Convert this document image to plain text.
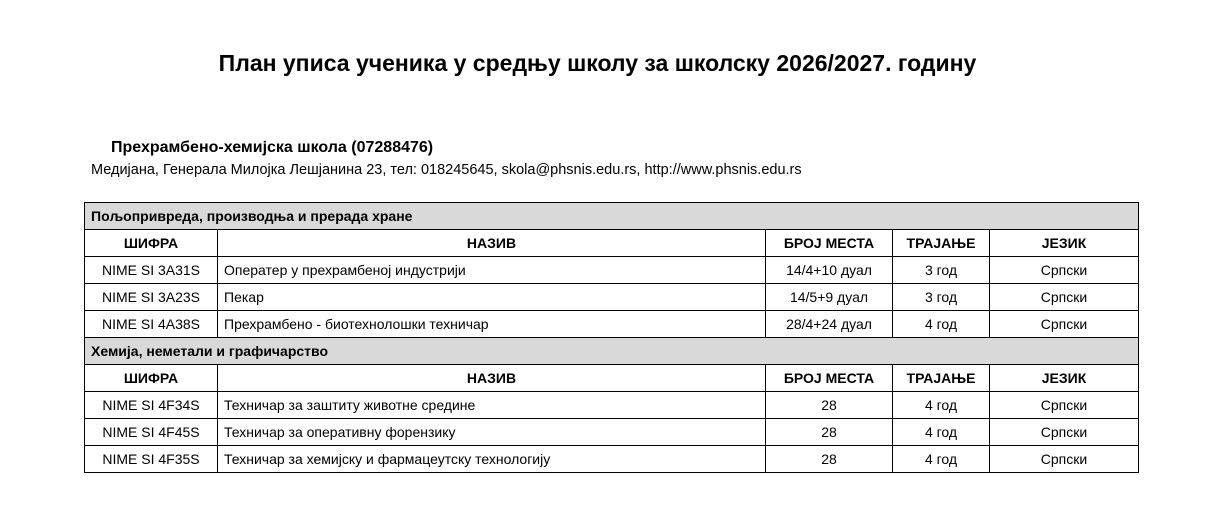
План уписа ученика у средњу школу за школску 2026/2027. годину
Прехрамбено-хемијска школа (07288476)
Медијана, Генерала Милојка Лешјанина 23, тел: 018245645, skola@phsnis.edu.rs, http://www.phsnis.edu.rs
Пољопривреда, производња и прерада хране				
ШИФРА	НАЗИВ	БРОЈ МЕСТА	ТРАЈАЊЕ	ЈЕЗИК
NIME SI 3A31S	Оператер у прехрамбеној индустрији	14/4+10 дуал	3 год	Српски
NIME SI 3A23S	Пекар	14/5+9 дуал	3 год	Српски
NIME SI 4A38S	Прехрамбено - биотехнолошки техничар	28/4+24 дуал	4 год	Српски
Хемија, неметали и графичарство				
ШИФРА	НАЗИВ	БРОЈ МЕСТА	ТРАЈАЊЕ	ЈЕЗИК
NIME SI 4F34S	Техничар за заштиту животне средине	28	4 год	Српски
NIME SI 4F45S	Техничар за оперативну форензику	28	4 год	Српски
NIME SI 4F35S	Техничар за хемијску и фармацеутску технологију	28	4 год	Српски
